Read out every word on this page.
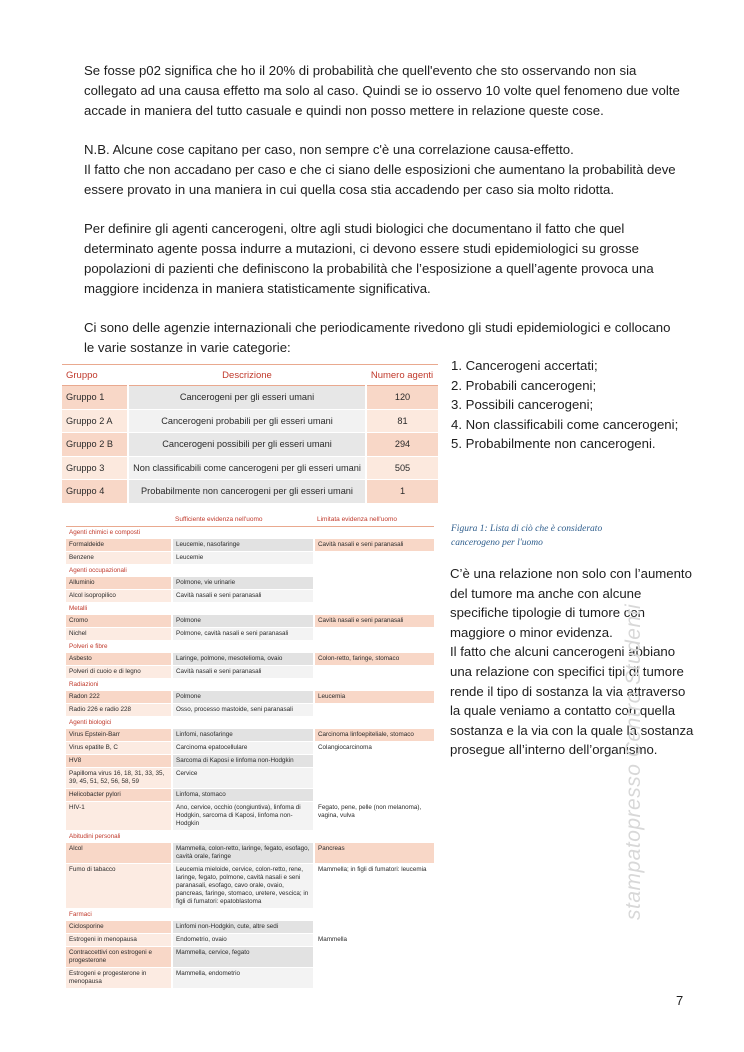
Se fosse p02 significa che ho il 20% di probabilità che quell'evento che sto osservando non sia collegato ad una causa effetto ma solo al caso. Quindi se io osservo 10 volte quel fenomeno due volte accade in maniera del tutto casuale e quindi non posso mettere in relazione queste cose.

N.B. Alcune cose capitano per caso, non sempre c'è una correlazione causa-effetto.

Il fatto che non accadano per caso e che ci siano delle esposizioni che aumentano la probabilità deve essere provato in una maniera in cui quella cosa stia accadendo per caso sia molto ridotta.

Per definire gli agenti cancerogeni, oltre agli studi biologici che documentano il fatto che quel determinato agente possa indurre a mutazioni, ci devono essere studi epidemiologici su grosse popolazioni di pazienti che definiscono la probabilità che l’esposizione a quell’agente provoca una maggiore incidenza in maniera statisticamente significativa.

Ci sono delle agenzie internazionali che periodicamente rivedono gli studi epidemiologici e collocano le varie sostanze in varie categorie:

Gruppo	Descrizione	Numero agenti
Gruppo 1	Cancerogeni per gli esseri umani	120
Gruppo 2 A	Cancerogeni probabili per gli esseri umani	81
Gruppo 2 B	Cancerogeni possibili per gli esseri umani	294
Gruppo 3	Non classificabili come cancerogeni per gli esseri umani	505
Gruppo 4	Probabilmente non cancerogeni per gli esseri umani	1
1. Cancerogeni accertati;
2. Probabili cancerogeni;
3. Possibili cancerogeni;
4. Non classificabili come cancerogeni;
5. Probabilmente non cancerogeni.
Figura 1: Lista di ciò che è considerato cancerogeno per l'uomo

C’è una relazione non solo con l’aumento del tumore ma anche con alcune specifiche tipologie di tumore con maggiore o minor evidenza.

Il fatto che alcuni cancerogeni abbiano una relazione con specifici tipi di tumore rende il tipo di sostanza la via attraverso la quale veniamo a contatto con quella sostanza e la via con la quale la sostanza prosegue all’interno dell’organismo.

stampatopresso Centro Studenti
	Sufficiente evidenza nell'uomo	Limitata evidenza nell'uomo
Agenti chimici e composti		
Formaldeide	Leucemie, nasofaringe	Cavità nasali e seni paranasali
Benzene	Leucemie	
Agenti occupazionali		
Alluminio	Polmone, vie urinarie	
Alcol isopropilico	Cavità nasali e seni paranasali	
Metalli		
Cromo	Polmone	Cavità nasali e seni paranasali
Nichel	Polmone, cavità nasali e seni paranasali	
Polveri e fibre		
Asbesto	Laringe, polmone, mesotelioma, ovaio	Colon-retto, faringe, stomaco
Polveri di cuoio e di legno	Cavità nasali e seni paranasali	
Radiazioni		
Radon 222	Polmone	Leucemia
Radio 226 e radio 228	Osso, processo mastoide, seni paranasali	
Agenti biologici		
Virus Epstein-Barr	Linfomi, nasofaringe	Carcinoma linfoepiteliale, stomaco
Virus epatite B, C	Carcinoma epatocellulare	Colangiocarcinoma
HV8	Sarcoma di Kaposi e linfoma non-Hodgkin	
Papilloma virus 16, 18, 31, 33, 35, 39, 45, 51, 52, 56, 58, 59	Cervice	
Helicobacter pylori	Linfoma, stomaco	
HIV-1	Ano, cervice, occhio (congiuntiva), linfoma di Hodgkin, sarcoma di Kaposi, linfoma non-Hodgkin	Fegato, pene, pelle (non melanoma), vagina, vulva
Abitudini personali		
Alcol	Mammella, colon-retto, laringe, fegato, esofago, cavità orale, faringe	Pancreas
Fumo di tabacco	Leucemia mieloide, cervice, colon-retto, rene, laringe, fegato, polmone, cavità nasali e seni paranasali, esofago, cavo orale, ovaio, pancreas, faringe, stomaco, uretere, vescica; in figli di fumatori: epatoblastoma	Mammella; in figli di fumatori: leucemia
Farmaci		
Ciclosporine	Linfomi non-Hodgkin, cute, altre sedi	
Estrogeni in menopausa	Endometrio, ovaio	Mammella
Contraccettivi con estrogeni e progesterone	Mammella, cervice, fegato	
Estrogeni e progesterone in menopausa	Mammella, endometrio	
7
